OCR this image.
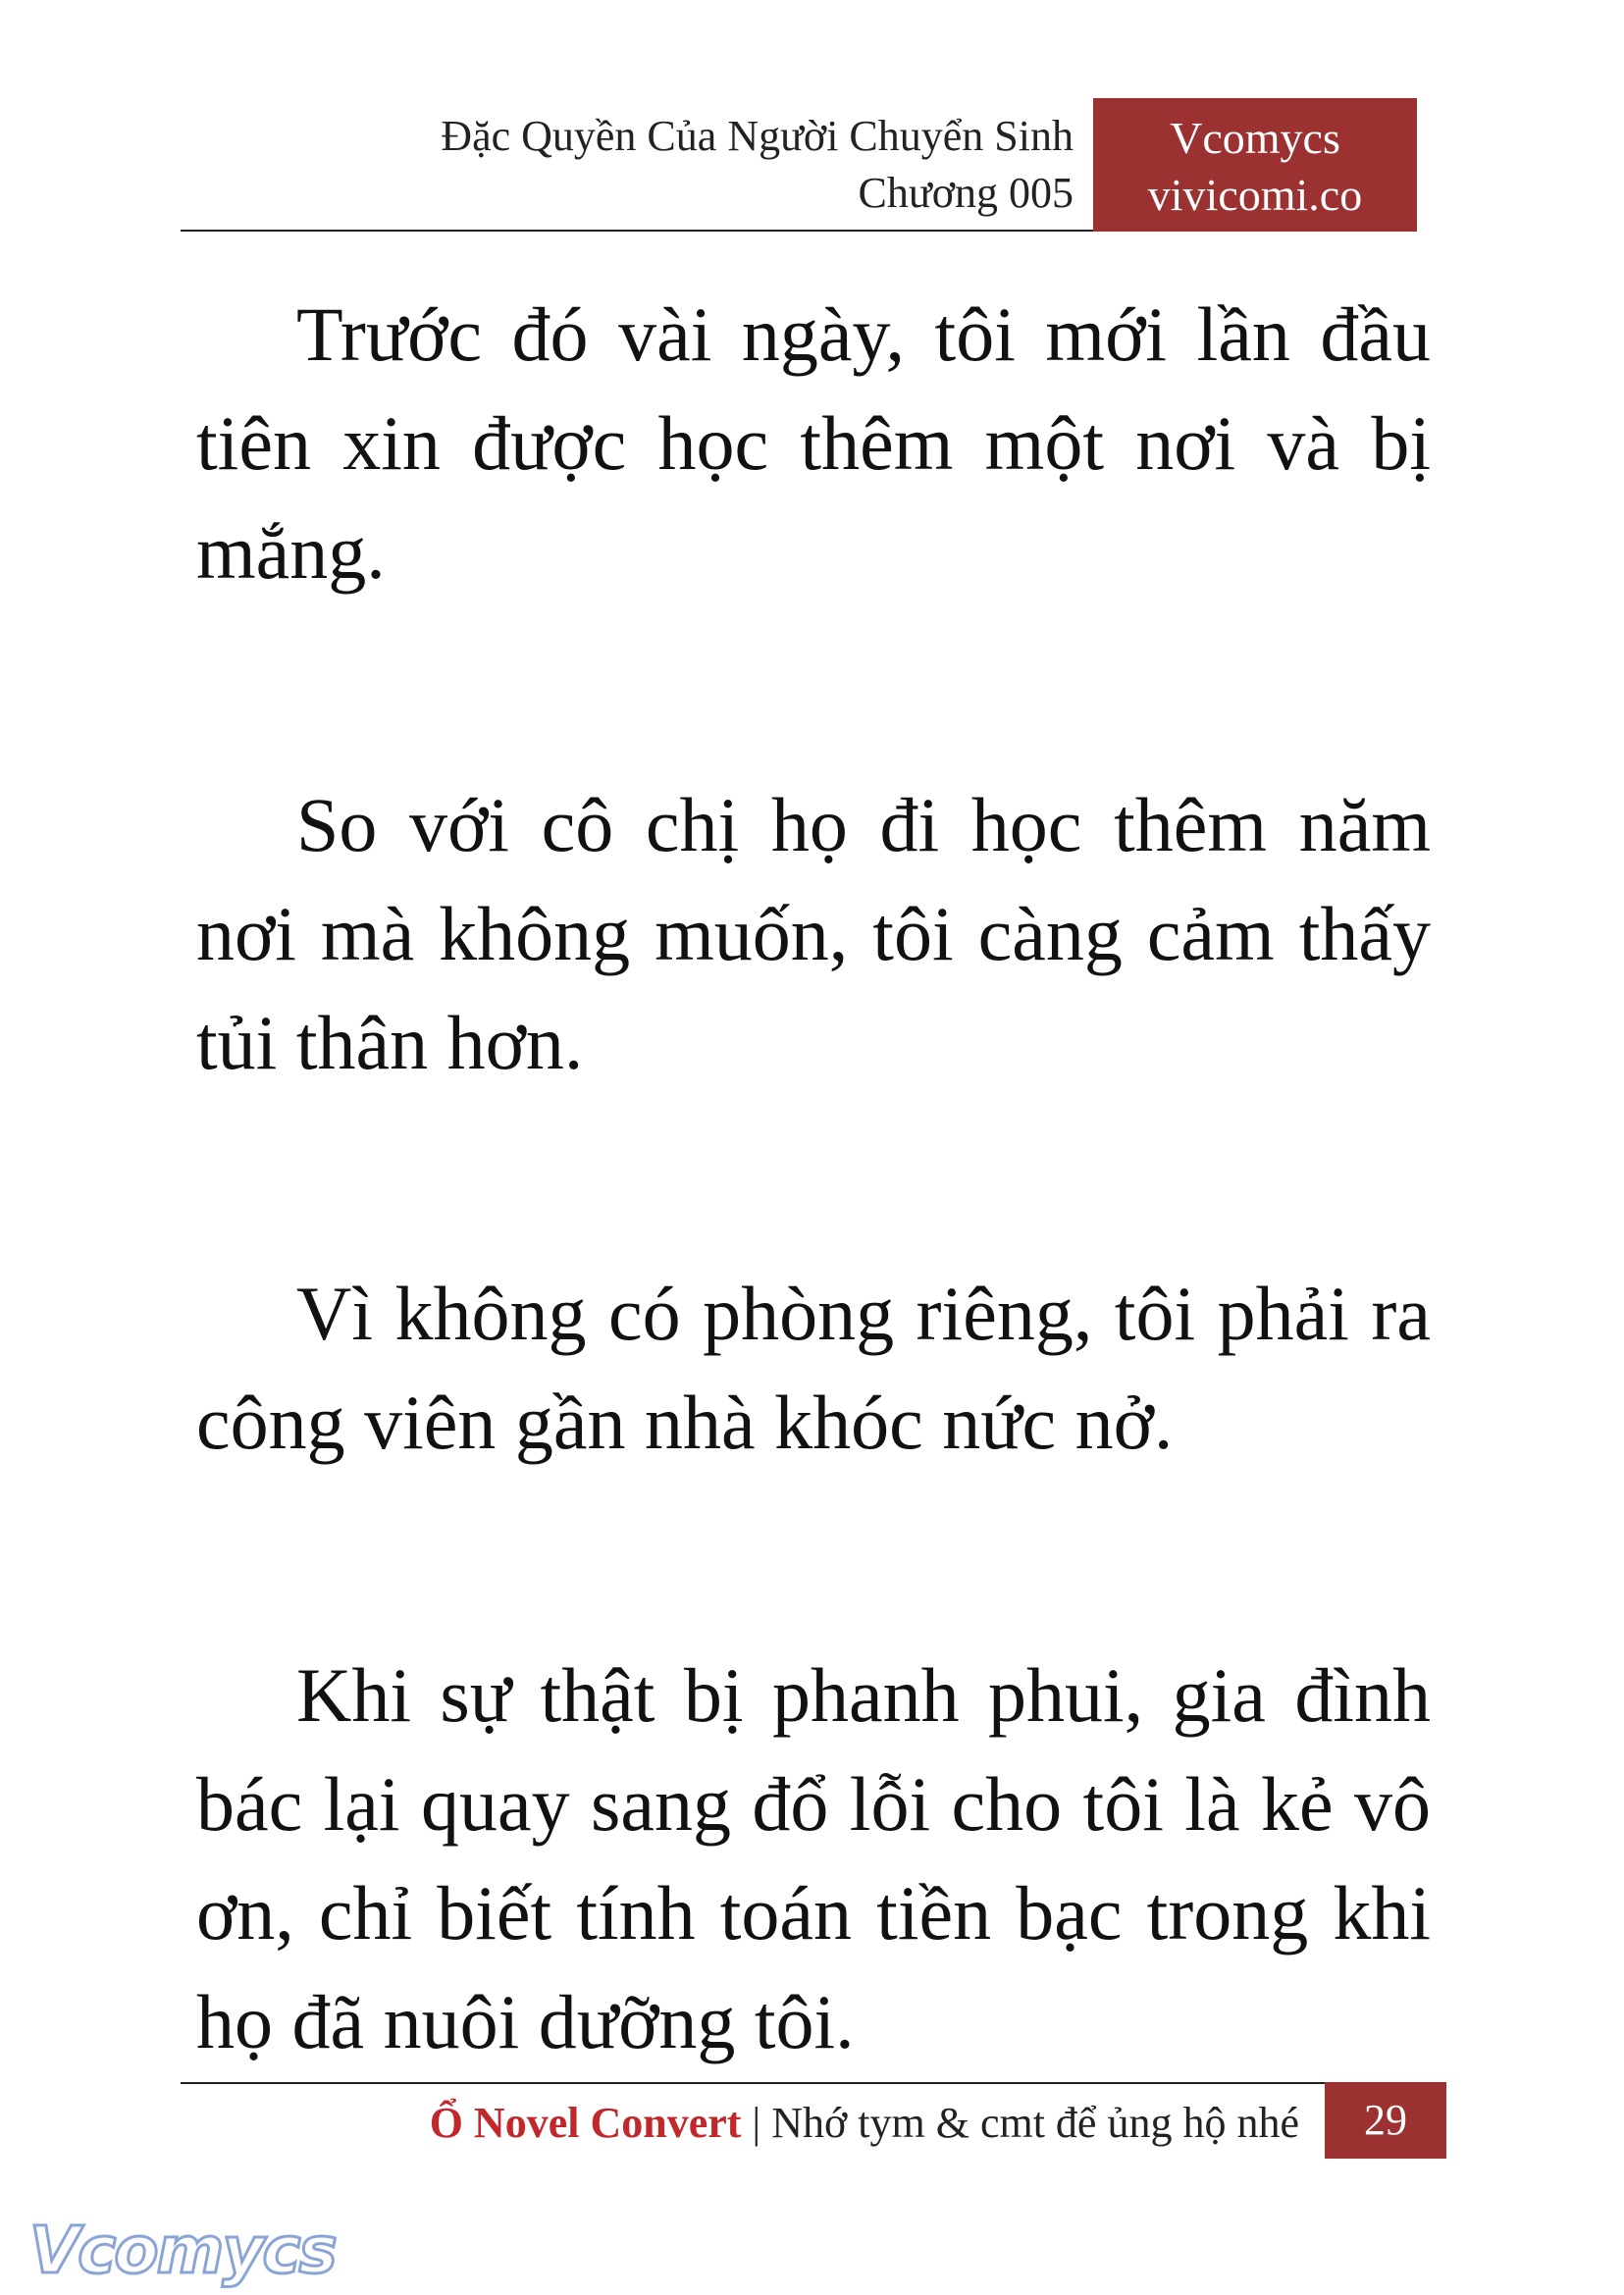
Đặc Quyền Của Người Chuyển Sinh
Chương 005
Vcomycs
vivicomi.co

Trước đó vài ngày, tôi mới lần đầu tiên xin được học thêm một nơi và bị mắng.

So với cô chị họ đi học thêm năm nơi mà không muốn, tôi càng cảm thấy tủi thân hơn.

Vì không có phòng riêng, tôi phải ra công viên gần nhà khóc nức nở.

Khi sự thật bị phanh phui, gia đình bác lại quay sang đổ lỗi cho tôi là kẻ vô ơn, chỉ biết tính toán tiền bạc trong khi họ đã nuôi dưỡng tôi.

Ổ Novel Convert | Nhớ tym & cmt để ủng hộ nhé	29
Vcomycs
